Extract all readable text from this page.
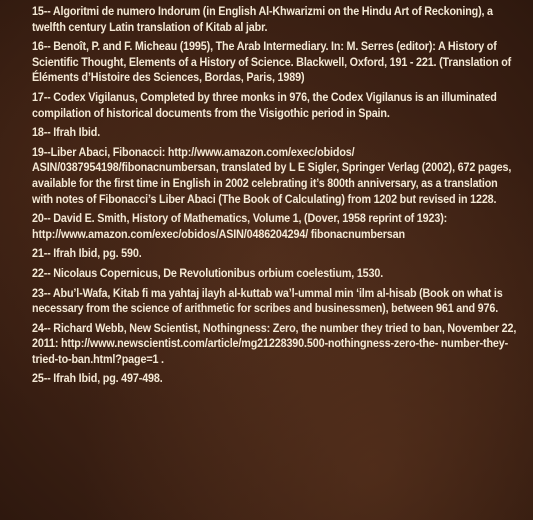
15-- Algoritmi de numero Indorum (in English Al-Khwarizmi on the Hindu Art of Reckoning), a twelfth century Latin translation of Kitab al jabr.

16-- Benoît, P. and F. Micheau (1995), The Arab Intermediary. In: M. Serres (editor): A History of Scientific Thought, Elements of a History of Science. Blackwell, Oxford, 191 - 221. (Translation of Éléments d’Histoire des Sciences, Bordas, Paris, 1989)

17-- Codex Vigilanus, Completed by three monks in 976, the Codex Vigilanus is an illuminated compilation of historical documents from the Visigothic period in Spain.

18-- Ifrah Ibid.

19--Liber Abaci, Fibonacci: http://www.amazon.com/exec/obidos/ ASIN/0387954198/fibonacnumbersan, translated by L E Sigler, Springer Verlag (2002), 672 pages, available for the first time in English in 2002 celebrating it’s 800th anniversary, as a translation with notes of Fibonacci’s Liber Abaci (The Book of Calculating) from 1202 but revised in 1228.

20-- David E. Smith, History of Mathematics, Volume 1, (Dover, 1958 reprint of 1923): http://www.amazon.com/exec/obidos/ASIN/0486204294/ fibonacnumbersan

21-- Ifrah Ibid, pg. 590.

22-- Nicolaus Copernicus, De Revolutionibus orbium coelestium, 1530.

23-- Abu’l-Wafa, Kitab fi ma yahtaj ilayh al-kuttab wa’l-ummal min ‘ilm al-hisab (Book on what is necessary from the science of arithmetic for scribes and businessmen), between 961 and 976.

24-- Richard Webb, New Scientist, Nothingness: Zero, the number they tried to ban, November 22, 2011: http://www.newscientist.com/article/mg21228390.500-nothingness-zero-the- number-they-tried-to-ban.html?page=1 .

25-- Ifrah Ibid, pg. 497-498.
